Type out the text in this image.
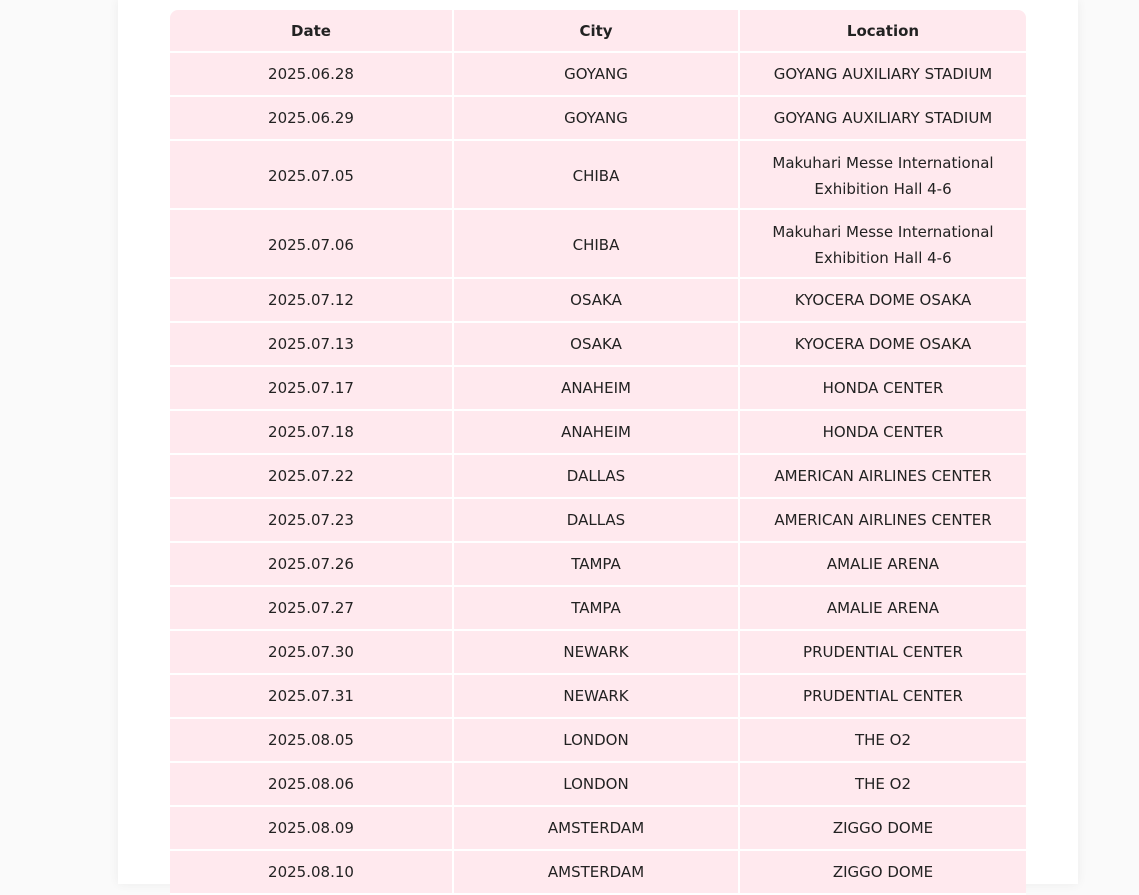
Date	City	Location
2025.06.28	GOYANG	GOYANG AUXILIARY STADIUM
2025.06.29	GOYANG	GOYANG AUXILIARY STADIUM
2025.07.05	CHIBA	Makuhari Messe International Exhibition Hall 4-6
2025.07.06	CHIBA	Makuhari Messe International Exhibition Hall 4-6
2025.07.12	OSAKA	KYOCERA DOME OSAKA
2025.07.13	OSAKA	KYOCERA DOME OSAKA
2025.07.17	ANAHEIM	HONDA CENTER
2025.07.18	ANAHEIM	HONDA CENTER
2025.07.22	DALLAS	AMERICAN AIRLINES CENTER
2025.07.23	DALLAS	AMERICAN AIRLINES CENTER
2025.07.26	TAMPA	AMALIE ARENA
2025.07.27	TAMPA	AMALIE ARENA
2025.07.30	NEWARK	PRUDENTIAL CENTER
2025.07.31	NEWARK	PRUDENTIAL CENTER
2025.08.05	LONDON	THE O2
2025.08.06	LONDON	THE O2
2025.08.09	AMSTERDAM	ZIGGO DOME
2025.08.10	AMSTERDAM	ZIGGO DOME
